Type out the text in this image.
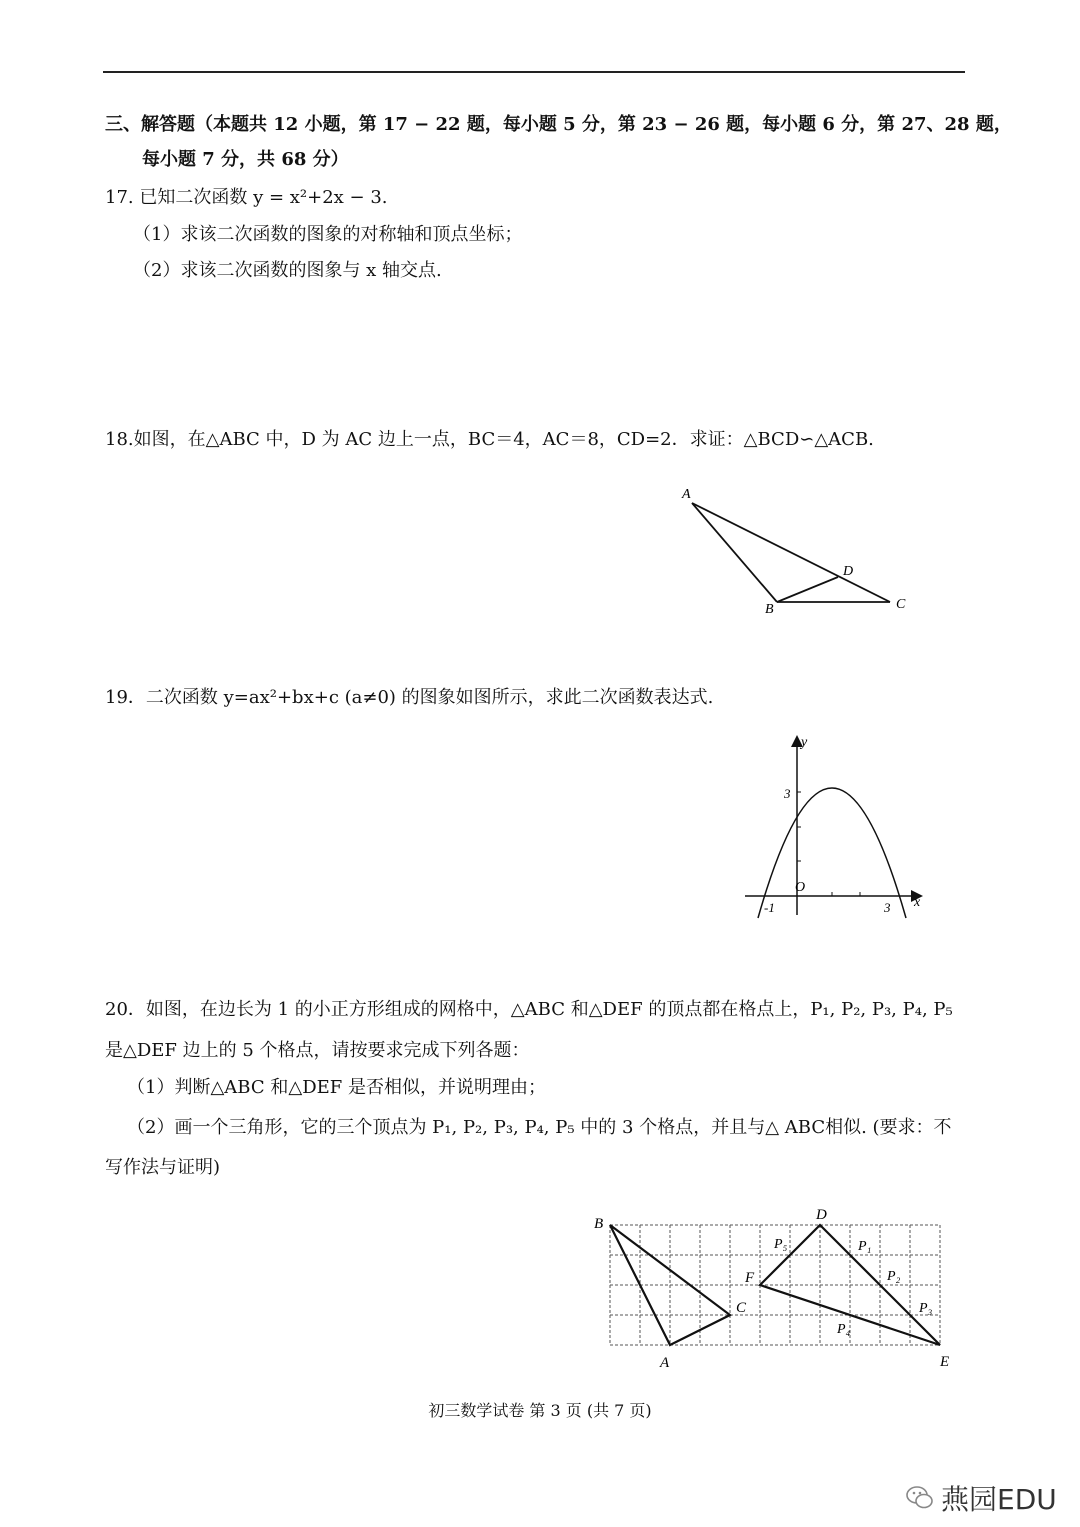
三、解答题（本题共 12 小题，第 17 − 22 题，每小题 5 分，第 23 − 26 题，每小题 6 分，第 27、28 题，
每小题 7 分，共 68 分）
17. 已知二次函数 y = x²+2x − 3.
（1）求该二次函数的图象的对称轴和顶点坐标；
（2）求该二次函数的图象与 x 轴交点.
18.如图，在△ABC 中，D 为 AC 边上一点，BC＝4，AC＝8，CD=2．求证：△BCD∽△ACB.
A
B	C
D
19．二次函数 y=ax²+bx+c (a≠0) 的图象如图所示，求此二次函数表达式.
y
x
O
3
-1	3
20．如图，在边长为 1 的小正方形组成的网格中，△ABC 和△DEF 的顶点都在格点上，P₁, P₂, P₃, P₄, P₅
是△DEF 边上的 5 个格点，请按要求完成下列各题：
（1）判断△ABC 和△DEF 是否相似，并说明理由；
（2）画一个三角形，它的三个顶点为 P₁, P₂, P₃, P₄, P₅ 中的 3 个格点，并且与△ ABC相似. (要求：不
写作法与证明)
B
A
C
D
F
E
P₅	P₁
P₂
P₃
P₄
初三数学试卷 第 3 页 (共 7 页)
燕园EDU
